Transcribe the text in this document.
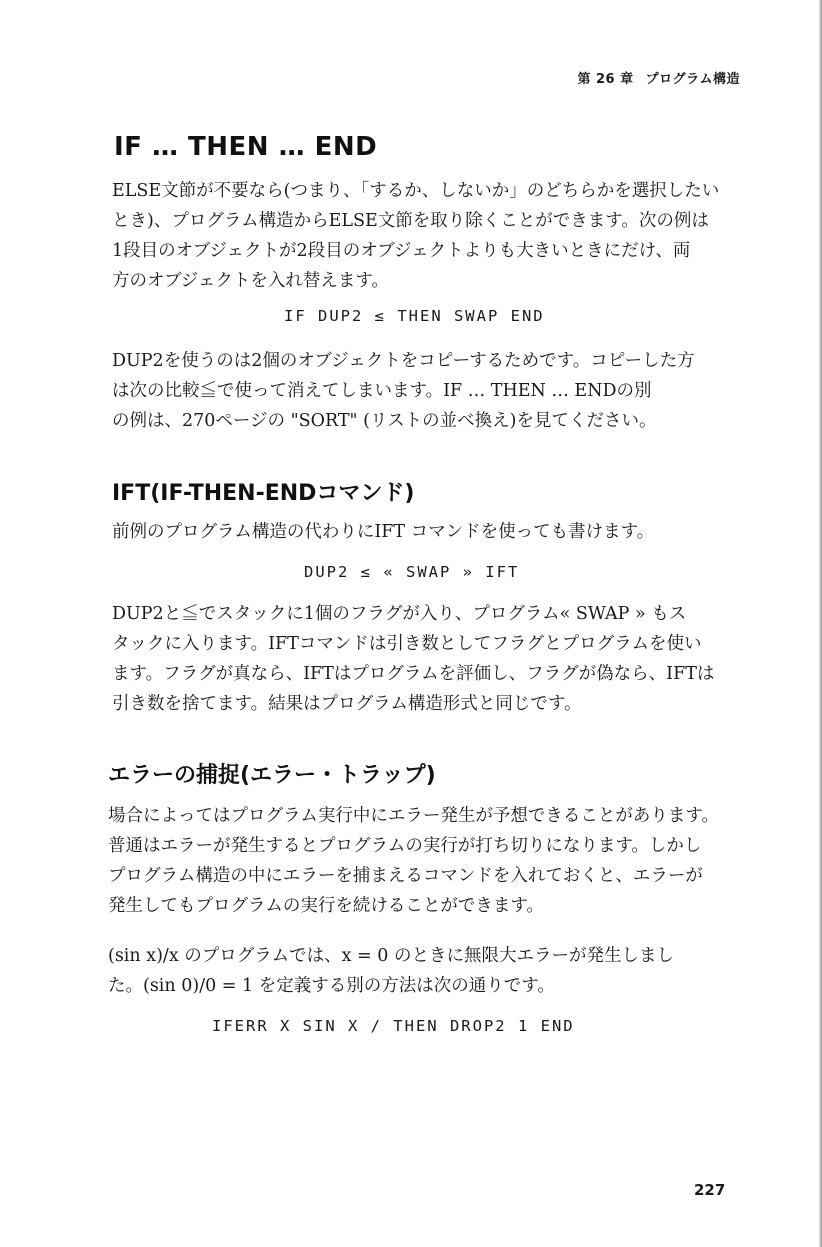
第 26 章 プログラム構造
IF … THEN … END
ELSE文節が不要なら(つまり、「するか、しないか」のどちらかを選択したい
とき)、プログラム構造からELSE文節を取り除くことができます。次の例は
1段目のオブジェクトが2段目のオブジェクトよりも大きいときにだけ、両
方のオブジェクトを入れ替えます。
IF DUP2 ≤ THEN SWAP END
DUP2を使うのは2個のオブジェクトをコピーするためです。コピーした方
は次の比較≦で使って消えてしまいます。IF … THEN … ENDの別
の例は、270ページの "SORT" (リストの並べ換え)を見てください。
IFT(IF-THEN-ENDコマンド)
前例のプログラム構造の代わりにIFT コマンドを使っても書けます。
DUP2 ≤ « SWAP » IFT
DUP2と≦でスタックに1個のフラグが入り、プログラム« SWAP » もス
タックに入ります。IFTコマンドは引き数としてフラグとプログラムを使い
ます。フラグが真なら、IFTはプログラムを評価し、フラグが偽なら、IFTは
引き数を捨てます。結果はプログラム構造形式と同じです。
エラーの捕捉(エラー・トラップ)
場合によってはプログラム実行中にエラー発生が予想できることがあります。
普通はエラーが発生するとプログラムの実行が打ち切りになります。しかし
プログラム構造の中にエラーを捕まえるコマンドを入れておくと、エラーが
発生してもプログラムの実行を続けることができます。
(sin x)/x のプログラムでは、x = 0 のときに無限大エラーが発生しまし
た。(sin 0)/0 = 1 を定義する別の方法は次の通りです。
IFERR X SIN X / THEN DROP2 1 END
227
